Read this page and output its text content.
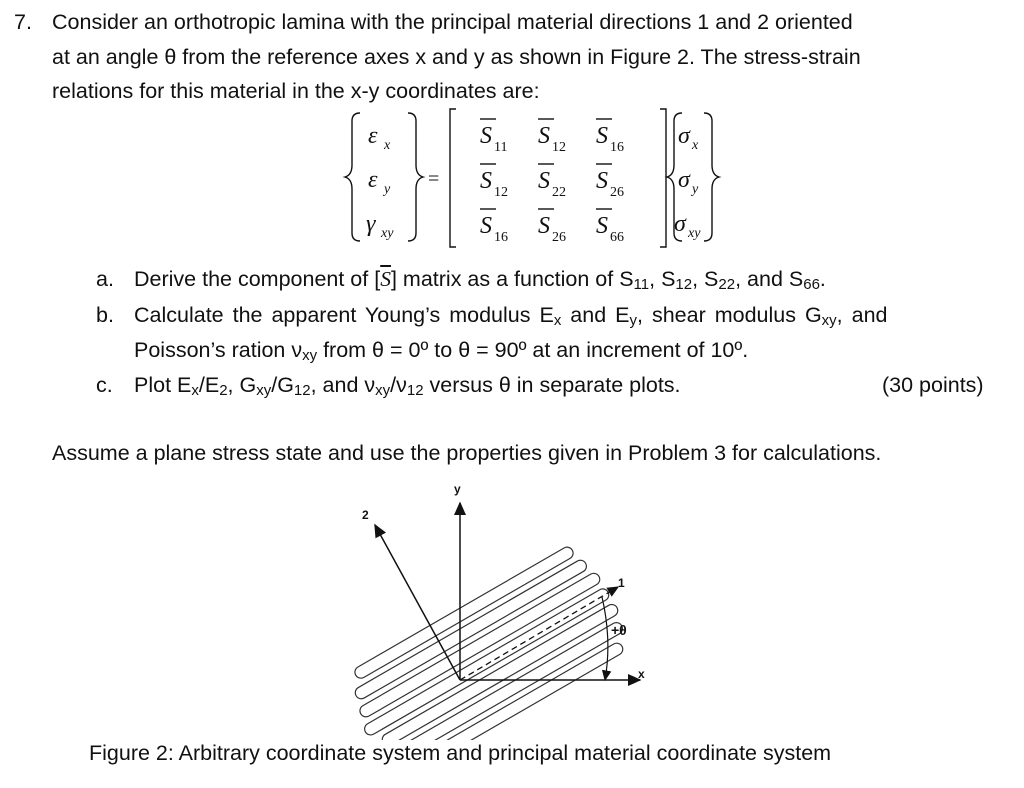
7. Consider an orthotropic lamina with the principal material directions 1 and 2 oriented
at an angle θ from the reference axes x and y as shown in Figure 2. The stress-strain
relations for this material in the x-y coordinates are:
ε x
ε y
γ xy
=
S 11 S 12 S 16
S 12 S 22 S 26
S 16 S 26 S 66
σ x
σ y
σ xy
a. Derive the component of $[\overline{S}]$ matrix as a function of $S_{11}$, $S_{12}$, $S_{22}$, and $S_{66}$.
b. Calculate the apparent Young’s modulus $E_x$ and $E_y$, shear modulus $G_{xy}$, and
Poisson’s ration $\nu_{xy}$ from θ = 0º to θ = 90º at an increment of 10º.
c. Plot $E_x/E_2$, $G_{xy}/G_{12}$, and $\nu_{xy}/\nu_{12}$ versus θ in separate plots.	(30 points)
Assume a plane stress state and use the properties given in Problem 3 for calculations.
y
x
1
2
+θ
Figure 2: Arbitrary coordinate system and principal material coordinate system
